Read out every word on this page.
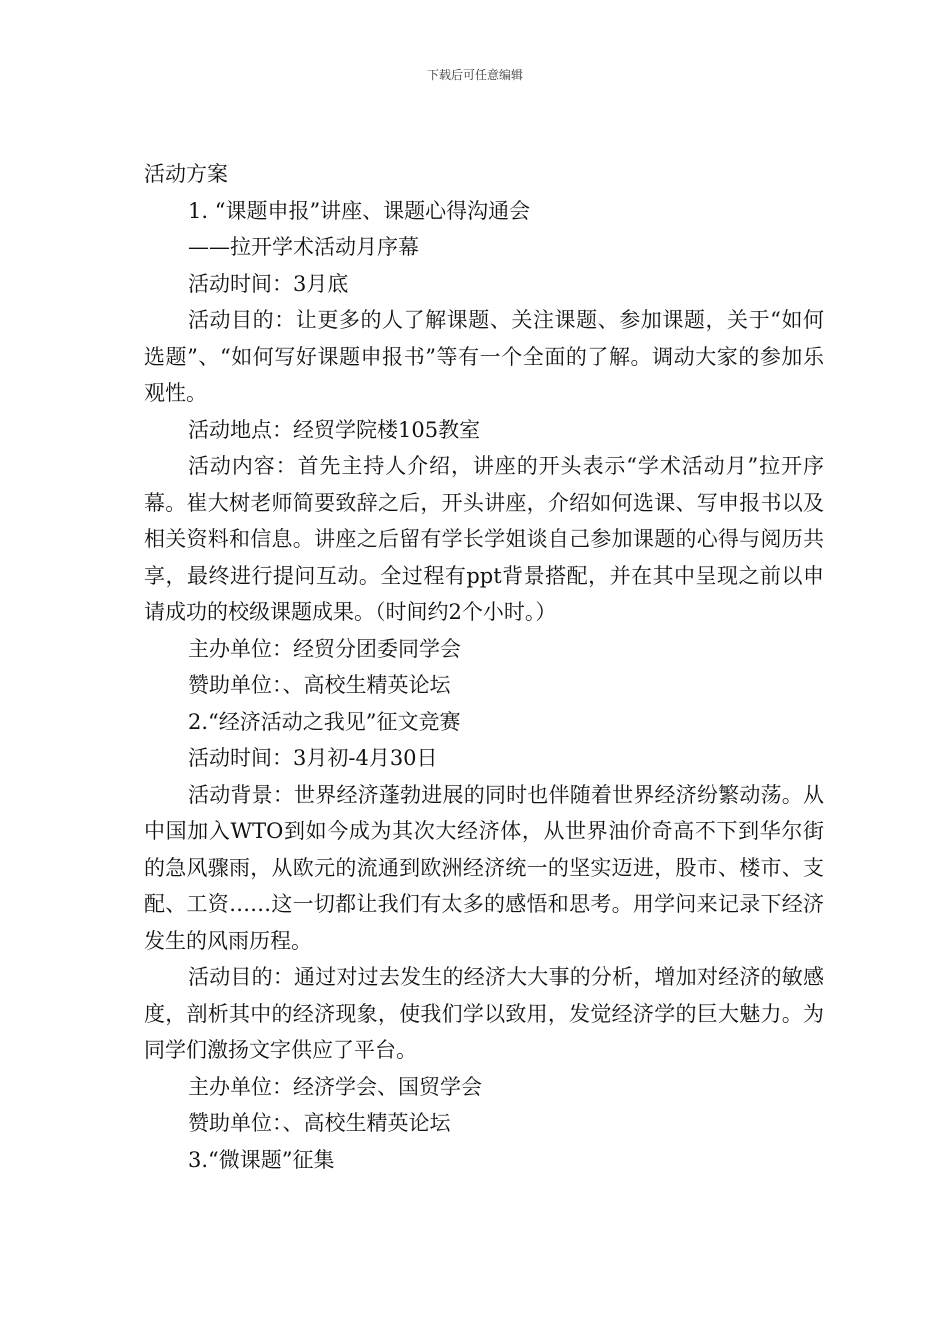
下载后可任意编辑

活动方案

1. “课题申报”讲座、课题心得沟通会

——拉开学术活动月序幕

活动时间：3月底

活动目的：让更多的人了解课题、关注课题、参加课题，关于“如何选题”、“如何写好课题申报书”等有一个全面的了解。调动大家的参加乐观性。

活动地点：经贸学院楼105教室

活动内容：首先主持人介绍，讲座的开头表示“学术活动月”拉开序幕。崔大树老师简要致辞之后，开头讲座，介绍如何选课、写申报书以及相关资料和信息。讲座之后留有学长学姐谈自己参加课题的心得与阅历共享，最终进行提问互动。全过程有ppt背景搭配，并在其中呈现之前以申请成功的校级课题成果。（时间约2个小时。）

主办单位：经贸分团委同学会

赞助单位：、高校生精英论坛

2.“经济活动之我见”征文竞赛

活动时间：3月初-4月30日

活动背景：世界经济蓬勃进展的同时也伴随着世界经济纷繁动荡。从中国加入WTO到如今成为其次大经济体，从世界油价奇高不下到华尔街的急风骤雨，从欧元的流通到欧洲经济统一的坚实迈进，股市、楼市、支配、工资……这一切都让我们有太多的感悟和思考。用学问来记录下经济发生的风雨历程。

活动目的：通过对过去发生的经济大大事的分析，增加对经济的敏感度，剖析其中的经济现象，使我们学以致用，发觉经济学的巨大魅力。为同学们激扬文字供应了平台。

主办单位：经济学会、国贸学会

赞助单位：、高校生精英论坛

3.“微课题”征集
